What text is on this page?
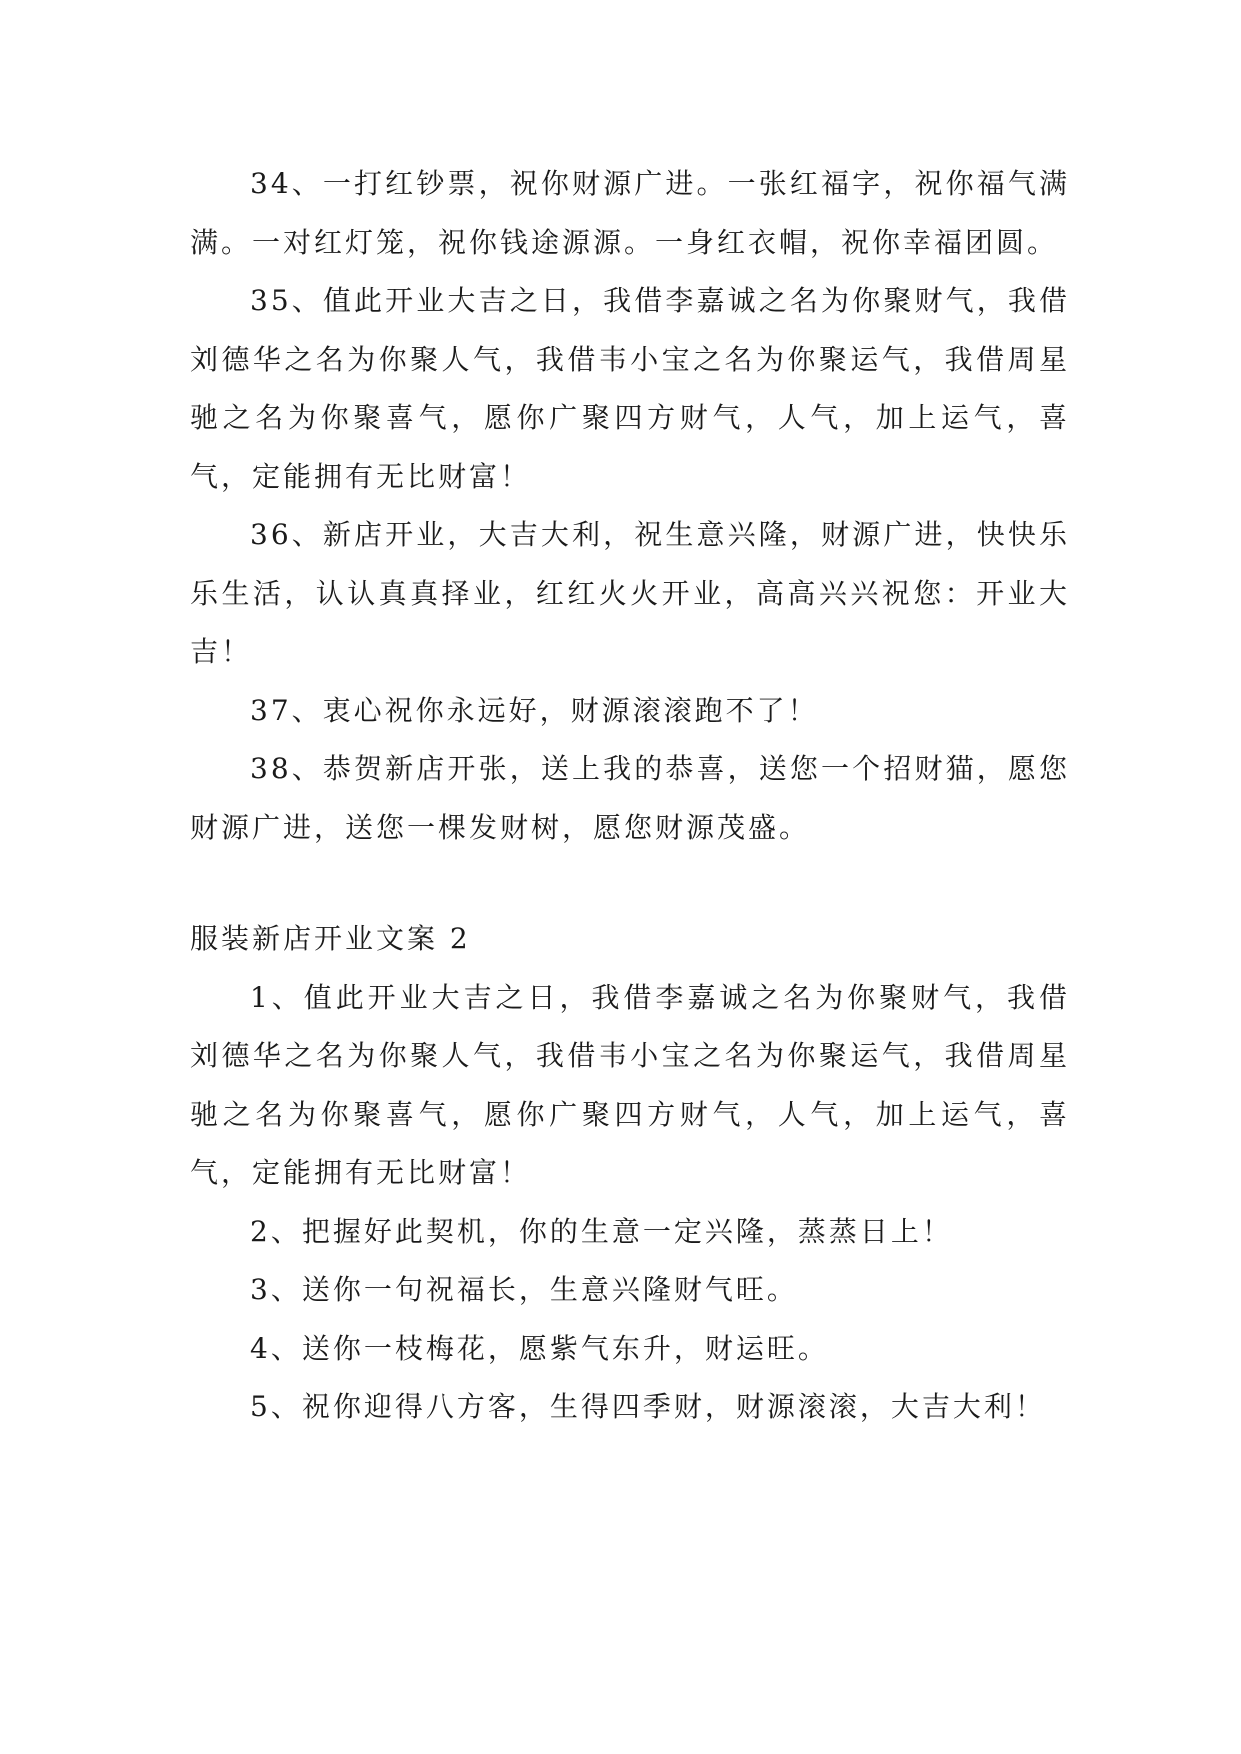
34、一打红钞票，祝你财源广进。一张红福字，祝你福气满满。一对红灯笼，祝你钱途源源。一身红衣帽，祝你幸福团圆。

35、值此开业大吉之日，我借李嘉诚之名为你聚财气，我借刘德华之名为你聚人气，我借韦小宝之名为你聚运气，我借周星驰之名为你聚喜气，愿你广聚四方财气，人气，加上运气，喜气，定能拥有无比财富！

36、新店开业，大吉大利，祝生意兴隆，财源广进，快快乐乐生活，认认真真择业，红红火火开业，高高兴兴祝您：开业大吉！

37、衷心祝你永远好，财源滚滚跑不了！

38、恭贺新店开张，送上我的恭喜，送您一个招财猫，愿您财源广进，送您一棵发财树，愿您财源茂盛。

服装新店开业文案 2

1、值此开业大吉之日，我借李嘉诚之名为你聚财气，我借刘德华之名为你聚人气，我借韦小宝之名为你聚运气，我借周星驰之名为你聚喜气，愿你广聚四方财气，人气，加上运气，喜气，定能拥有无比财富！

2、把握好此契机，你的生意一定兴隆，蒸蒸日上！

3、送你一句祝福长，生意兴隆财气旺。

4、送你一枝梅花，愿紫气东升，财运旺。

5、祝你迎得八方客，生得四季财，财源滚滚，大吉大利！
